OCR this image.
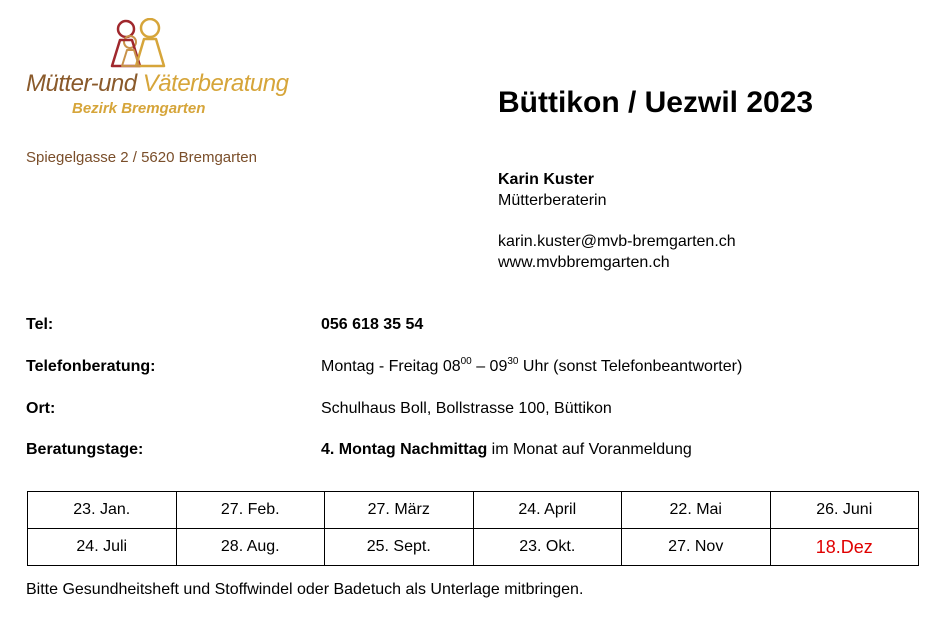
Mütter-und Väterberatung
Bezirk Bremgarten
Spiegelgasse 2 / 5620 Bremgarten
Büttikon / Uezwil 2023
Karin Kuster
Mütterberaterin
karin.kuster@mvb-bremgarten.ch
www.mvbbremgarten.ch
Tel:	056 618 35 54
Telefonberatung:	Montag - Freitag $08^{00} - 09^{30}$ Uhr (sonst Telefonbeantworter)
Ort:	Schulhaus Boll, Bollstrasse 100, Büttikon
Beratungstage:	4. Montag Nachmittag im Monat auf Voranmeldung
23. Jan.	27. Feb.	27. März	24. April	22. Mai	26. Juni
24. Juli	28. Aug.	25. Sept.	23. Okt.	27. Nov	18.Dez
Bitte Gesundheitsheft und Stoffwindel oder Badetuch als Unterlage mitbringen.
